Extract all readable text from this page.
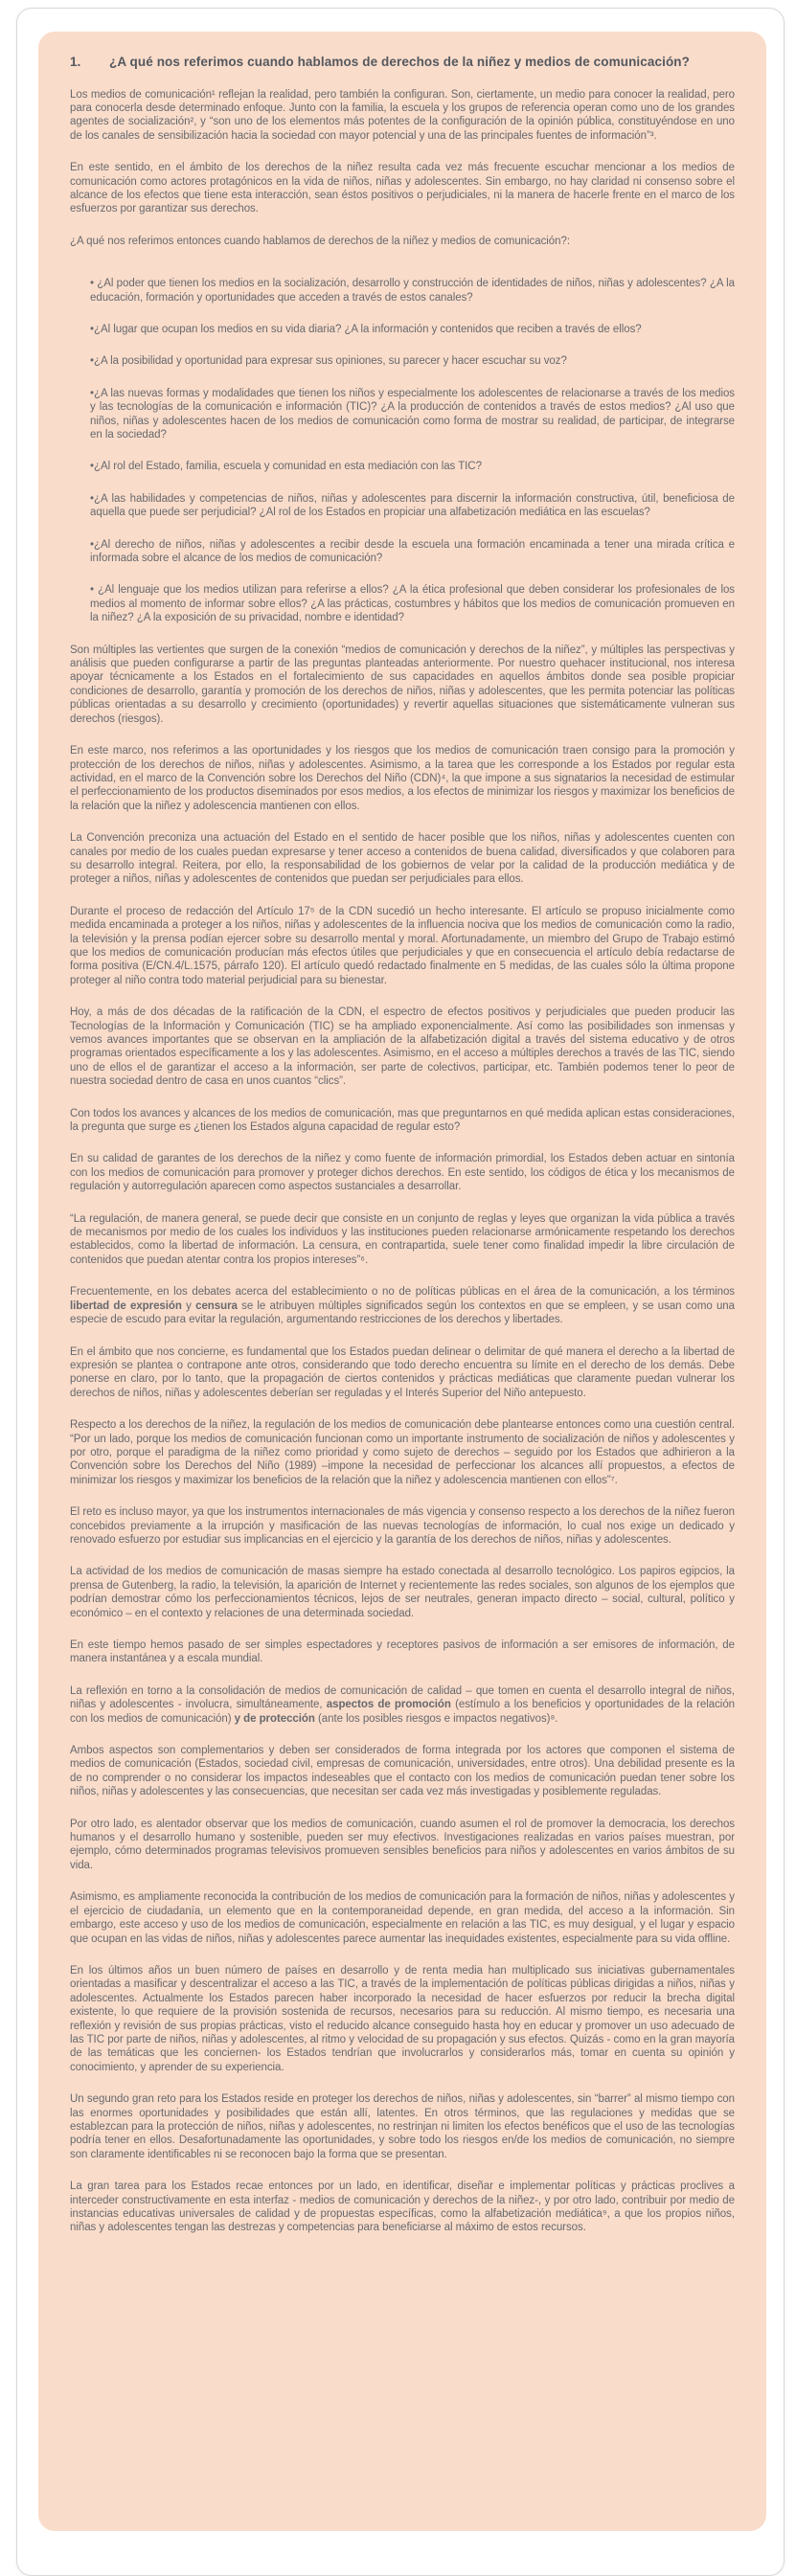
1.	¿A qué nos referimos cuando hablamos de derechos de la niñez y medios de comunicación?

Los medios de comunicación¹ reflejan la realidad, pero también la configuran. Son, ciertamente, un medio para conocer la realidad, pero para conocerla desde determinado enfoque. Junto con la familia, la escuela y los grupos de referencia operan como uno de los grandes agentes de socialización², y “son uno de los elementos más potentes de la configuración de la opinión pública, constituyéndose en uno de los canales de sensibilización hacia la sociedad con mayor potencial y una de las principales fuentes de información”³.

En este sentido, en el ámbito de los derechos de la niñez resulta cada vez más frecuente escuchar mencionar a los medios de comunicación como actores protagónicos en la vida de niños, niñas y adolescentes. Sin embargo, no hay claridad ni consenso sobre el alcance de los efectos que tiene esta interacción, sean éstos positivos o perjudiciales, ni la manera de hacerle frente en el marco de los esfuerzos por garantizar sus derechos.

¿A qué nos referimos entonces cuando hablamos de derechos de la niñez y medios de comunicación?:

• ¿Al poder que tienen los medios en la socialización, desarrollo y construcción de identidades de niños, niñas y adolescentes? ¿A la educación, formación y oportunidades que acceden a través de estos canales?

•¿Al lugar que ocupan los medios en su vida diaria? ¿A la información y contenidos que reciben a través de ellos?

•¿A la posibilidad y oportunidad para expresar sus opiniones, su parecer y hacer escuchar su voz?

•¿A las nuevas formas y modalidades que tienen los niños y especialmente los adolescentes de relacionarse a través de los medios y las tecnologías de la comunicación e información (TIC)? ¿A la producción de contenidos a través de estos medios? ¿Al uso que niños, niñas y adolescentes hacen de los medios de comunicación como forma de mostrar su realidad, de participar, de integrarse en la sociedad?

•¿Al rol del Estado, familia, escuela y comunidad en esta mediación con las TIC?

•¿A las habilidades y competencias de niños, niñas y adolescentes para discernir la información constructiva, útil, beneficiosa de aquella que puede ser perjudicial? ¿Al rol de los Estados en propiciar una alfabetización mediática en las escuelas?

•¿Al derecho de niños, niñas y adolescentes a recibir desde la escuela una formación encaminada a tener una mirada crítica e informada sobre el alcance de los medios de comunicación?

• ¿Al lenguaje que los medios utilizan para referirse a ellos? ¿A la ética profesional que deben considerar los profesionales de los medios al momento de informar sobre ellos? ¿A las prácticas, costumbres y hábitos que los medios de comunicación promueven en la niñez? ¿A la exposición de su privacidad, nombre e identidad?

Son múltiples las vertientes que surgen de la conexión “medios de comunicación y derechos de la niñez”, y múltiples las perspectivas y análisis que pueden configurarse a partir de las preguntas planteadas anteriormente. Por nuestro quehacer institucional, nos interesa apoyar técnicamente a los Estados en el fortalecimiento de sus capacidades en aquellos ámbitos donde sea posible propiciar condiciones de desarrollo, garantía y promoción de los derechos de niños, niñas y adolescentes, que les permita potenciar las políticas públicas orientadas a su desarrollo y crecimiento (oportunidades) y revertir aquellas situaciones que sistemáticamente vulneran sus derechos (riesgos).

En este marco, nos referimos a las oportunidades y los riesgos que los medios de comunicación traen consigo para la promoción y protección de los derechos de niños, niñas y adolescentes. Asimismo, a la tarea que les corresponde a los Estados por regular esta actividad, en el marco de la Convención sobre los Derechos del Niño (CDN)⁴, la que impone a sus signatarios la necesidad de estimular el perfeccionamiento de los productos diseminados por esos medios, a los efectos de minimizar los riesgos y maximizar los beneficios de la relación que la niñez y adolescencia mantienen con ellos.

La Convención preconiza una actuación del Estado en el sentido de hacer posible que los niños, niñas y adolescentes cuenten con canales por medio de los cuales puedan expresarse y tener acceso a contenidos de buena calidad, diversificados y que colaboren para su desarrollo integral. Reitera, por ello, la responsabilidad de los gobiernos de velar por la calidad de la producción mediática y de proteger a niños, niñas y adolescentes de contenidos que puedan ser perjudiciales para ellos.

Durante el proceso de redacción del Artículo 17⁵ de la CDN sucedió un hecho interesante. El artículo se propuso inicialmente como medida encaminada a proteger a los niños, niñas y adolescentes de la influencia nociva que los medios de comunicación como la radio, la televisión y la prensa podían ejercer sobre su desarrollo mental y moral. Afortunadamente, un miembro del Grupo de Trabajo estimó que los medios de comunicación producían más efectos útiles que perjudiciales y que en consecuencia el artículo debía redactarse de forma positiva (E/CN.4/L.1575, párrafo 120). El artículo quedó redactado finalmente en 5 medidas, de las cuales sólo la última propone proteger al niño contra todo material perjudicial para su bienestar.

Hoy, a más de dos décadas de la ratificación de la CDN, el espectro de efectos positivos y perjudiciales que pueden producir las Tecnologías de la Información y Comunicación (TIC) se ha ampliado exponencialmente. Así como las posibilidades son inmensas y vemos avances importantes que se observan en la ampliación de la alfabetización digital a través del sistema educativo y de otros programas orientados específicamente a los y las adolescentes. Asimismo, en el acceso a múltiples derechos a través de las TIC, siendo uno de ellos el de garantizar el acceso a la información, ser parte de colectivos, participar, etc. También podemos tener lo peor de nuestra sociedad dentro de casa en unos cuantos “clics”.

Con todos los avances y alcances de los medios de comunicación, mas que preguntarnos en qué medida aplican estas consideraciones, la pregunta que surge es ¿tienen los Estados alguna capacidad de regular esto?

En su calidad de garantes de los derechos de la niñez y como fuente de información primordial, los Estados deben actuar en sintonía con los medios de comunicación para promover y proteger dichos derechos. En este sentido, los códigos de ética y los mecanismos de regulación y autorregulación aparecen como aspectos sustanciales a desarrollar.

“La regulación, de manera general, se puede decir que consiste en un conjunto de reglas y leyes que organizan la vida pública a través de mecanismos por medio de los cuales los individuos y las instituciones pueden relacionarse armónicamente respetando los derechos establecidos, como la libertad de información. La censura, en contrapartida, suele tener como finalidad impedir la libre circulación de contenidos que puedan atentar contra los propios intereses”⁶.

Frecuentemente, en los debates acerca del establecimiento o no de políticas públicas en el área de la comunicación, a los términos libertad de expresión y censura se le atribuyen múltiples significados según los contextos en que se empleen, y se usan como una especie de escudo para evitar la regulación, argumentando restricciones de los derechos y libertades.

En el ámbito que nos concierne, es fundamental que los Estados puedan delinear o delimitar de qué manera el derecho a la libertad de expresión se plantea o contrapone ante otros, considerando que todo derecho encuentra su límite en el derecho de los demás. Debe ponerse en claro, por lo tanto, que la propagación de ciertos contenidos y prácticas mediáticas que claramente puedan vulnerar los derechos de niños, niñas y adolescentes deberían ser reguladas y el Interés Superior del Niño antepuesto.

Respecto a los derechos de la niñez, la regulación de los medios de comunicación debe plantearse entonces como una cuestión central. “Por un lado, porque los medios de comunicación funcionan como un importante instrumento de socialización de niños y adolescentes y por otro, porque el paradigma de la niñez como prioridad y como sujeto de derechos – seguido por los Estados que adhirieron a la Convención sobre los Derechos del Niño (1989) –impone la necesidad de perfeccionar los alcances allí propuestos, a efectos de minimizar los riesgos y maximizar los beneficios de la relación que la niñez y adolescencia mantienen con ellos”⁷.

El reto es incluso mayor, ya que los instrumentos internacionales de más vigencia y consenso respecto a los derechos de la niñez fueron concebidos previamente a la irrupción y masificación de las nuevas tecnologías de información, lo cual nos exige un dedicado y renovado esfuerzo por estudiar sus implicancias en el ejercicio y la garantía de los derechos de niños, niñas y adolescentes.

La actividad de los medios de comunicación de masas siempre ha estado conectada al desarrollo tecnológico. Los papiros egipcios, la prensa de Gutenberg, la radio, la televisión, la aparición de Internet y recientemente las redes sociales, son algunos de los ejemplos que podrían demostrar cómo los perfeccionamientos técnicos, lejos de ser neutrales, generan impacto directo – social, cultural, político y económico – en el contexto y relaciones de una determinada sociedad.

En este tiempo hemos pasado de ser simples espectadores y receptores pasivos de información a ser emisores de información, de manera instantánea y a escala mundial.

La reflexión en torno a la consolidación de medios de comunicación de calidad – que tomen en cuenta el desarrollo integral de niños, niñas y adolescentes - involucra, simultáneamente, aspectos de promoción (estímulo a los beneficios y oportunidades de la relación con los medios de comunicación) y de protección (ante los posibles riesgos e impactos negativos)⁸.

Ambos aspectos son complementarios y deben ser considerados de forma integrada por los actores que componen el sistema de medios de comunicación (Estados, sociedad civil, empresas de comunicación, universidades, entre otros). Una debilidad presente es la de no comprender o no considerar los impactos indeseables que el contacto con los medios de comunicación puedan tener sobre los niños, niñas y adolescentes y las consecuencias, que necesitan ser cada vez más investigadas y posiblemente reguladas.

Por otro lado, es alentador observar que los medios de comunicación, cuando asumen el rol de promover la democracia, los derechos humanos y el desarrollo humano y sostenible, pueden ser muy efectivos. Investigaciones realizadas en varios países muestran, por ejemplo, cómo determinados programas televisivos promueven sensibles beneficios para niños y adolescentes en varios ámbitos de su vida.

Asimismo, es ampliamente reconocida la contribución de los medios de comunicación para la formación de niños, niñas y adolescentes y el ejercicio de ciudadanía, un elemento que en la contemporaneidad depende, en gran medida, del acceso a la información. Sin embargo, este acceso y uso de los medios de comunicación, especialmente en relación a las TIC, es muy desigual, y el lugar y espacio que ocupan en las vidas de niños, niñas y adolescentes parece aumentar las inequidades existentes, especialmente para su vida offline.

En los últimos años un buen número de países en desarrollo y de renta media han multiplicado sus iniciativas gubernamentales orientadas a masificar y descentralizar el acceso a las TIC, a través de la implementación de políticas públicas dirigidas a niños, niñas y adolescentes. Actualmente los Estados parecen haber incorporado la necesidad de hacer esfuerzos por reducir la brecha digital existente, lo que requiere de la provisión sostenida de recursos, necesarios para su reducción. Al mismo tiempo, es necesaria una reflexión y revisión de sus propias prácticas, visto el reducido alcance conseguido hasta hoy en educar y promover un uso adecuado de las TIC por parte de niños, niñas y adolescentes, al ritmo y velocidad de su propagación y sus efectos. Quizás - como en la gran mayoría de las temáticas que les conciernen- los Estados tendrían que involucrarlos y considerarlos más, tomar en cuenta su opinión y conocimiento, y aprender de su experiencia.

Un segundo gran reto para los Estados reside en proteger los derechos de niños, niñas y adolescentes, sin “barrer” al mismo tiempo con las enormes oportunidades y posibilidades que están allí, latentes. En otros términos, que las regulaciones y medidas que se establezcan para la protección de niños, niñas y adolescentes, no restrinjan ni limiten los efectos benéficos que el uso de las tecnologías podría tener en ellos. Desafortunadamente las oportunidades, y sobre todo los riesgos en/de los medios de comunicación, no siempre son claramente identificables ni se reconocen bajo la forma que se presentan.

La gran tarea para los Estados recae entonces por un lado, en identificar, diseñar e implementar políticas y prácticas proclives a interceder constructivamente en esta interfaz - medios de comunicación y derechos de la niñez-, y por otro lado, contribuir por medio de instancias educativas universales de calidad y de propuestas específicas, como la alfabetización mediática⁹, a que los propios niños, niñas y adolescentes tengan las destrezas y competencias para beneficiarse al máximo de estos recursos.
